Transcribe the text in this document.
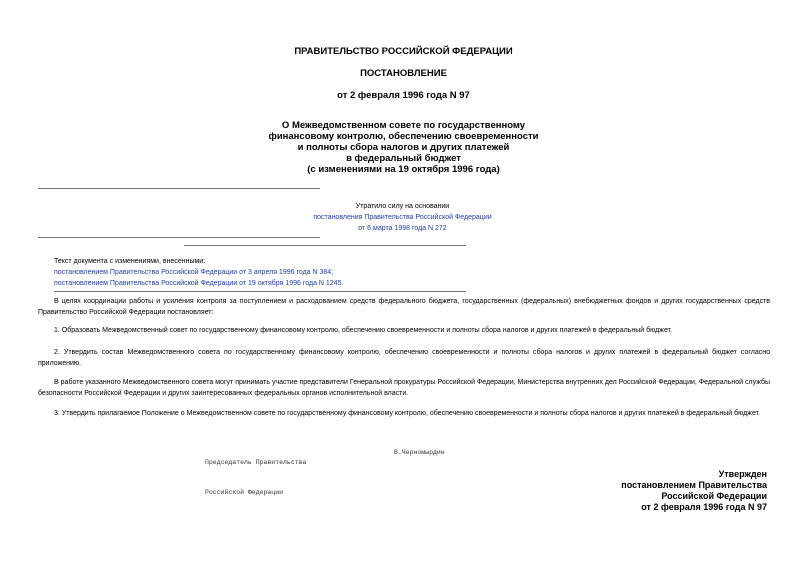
ПРАВИТЕЛЬСТВО РОССИЙСКОЙ ФЕДЕРАЦИИ
ПОСТАНОВЛЕНИЕ
от 2 февраля 1996 года N 97
О Межведомственном совете по государственному
финансовому контролю, обеспечению своевременности
и полноты сбора налогов и других платежей
в федеральный бюджет
(с изменениями на 19 октября 1996 года)
Утратило силу на основании
постановления Правительства Российской Федерации
от 6 марта 1998 года N 272
Текст документа с изменениями, внесенными:
постановлением Правительства Российской Федерации от 3 апреля 1996 года N 384;
постановлением Правительства Российской Федерации от 19 октября 1996 года N 1245.
В целях координации работы и усиления контроля за поступлением и расходованием средств федерального бюджета, государственных (федеральных) внебюджетных фондов и других государственных средств Правительство Российской Федерации постановляет:
1. Образовать Межведомственный совет по государственному финансовому контролю, обеспечению своевременности и полноты сбора налогов и других платежей в федеральный бюджет.
2. Утвердить состав Межведомственного совета по государственному финансовому контролю, обеспечению своевременности и полноты сбора налогов и других платежей в федеральный бюджет согласно приложению.
В работе указанного Межведомственного совета могут принимать участие представители Генеральной прокуратуры Российской Федерации, Министерства внутренних дел Российской Федерации, Федеральной службы безопасности Российской Федерации и других заинтересованных федеральных органов исполнительной власти.
3. Утвердить прилагаемое Положение о Межведомственном совете по государственному финансовому контролю, обеспечению своевременности и полноты сбора налогов и других платежей в федеральный бюджет.

Председатель Правительства

Российской Федерации

В.Черномырдин
Утвержден
постановлением Правительства
Российской Федерации
от 2 февраля 1996 года N 97
